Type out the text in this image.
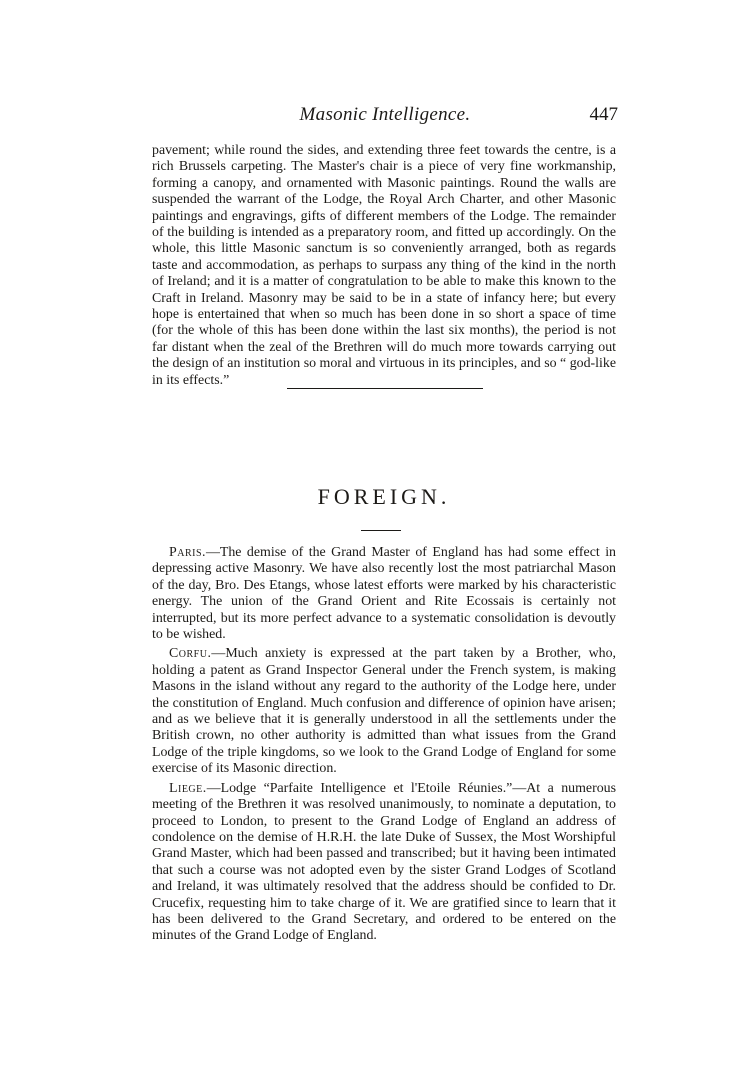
Masonic Intelligence.	447

pavement; while round the sides, and extending three feet towards the centre, is a rich Brussels carpeting. The Master's chair is a piece of very fine workmanship, forming a canopy, and ornamented with Masonic paintings. Round the walls are suspended the warrant of the Lodge, the Royal Arch Charter, and other Masonic paintings and engravings, gifts of different members of the Lodge. The remainder of the building is intended as a preparatory room, and fitted up accordingly. On the whole, this little Masonic sanctum is so conveniently arranged, both as regards taste and accommodation, as perhaps to surpass any thing of the kind in the north of Ireland; and it is a matter of congratulation to be able to make this known to the Craft in Ireland. Masonry may be said to be in a state of infancy here; but every hope is entertained that when so much has been done in so short a space of time (for the whole of this has been done within the last six months), the period is not far distant when the zeal of the Brethren will do much more towards carrying out the design of an institution so moral and virtuous in its principles, and so “ god-like in its effects.”

FOREIGN.

Paris.—The demise of the Grand Master of England has had some effect in depressing active Masonry. We have also recently lost the most patriarchal Mason of the day, Bro. Des Etangs, whose latest efforts were marked by his characteristic energy. The union of the Grand Orient and Rite Ecossais is certainly not interrupted, but its more perfect advance to a systematic consolidation is devoutly to be wished.

Corfu.—Much anxiety is expressed at the part taken by a Brother, who, holding a patent as Grand Inspector General under the French system, is making Masons in the island without any regard to the authority of the Lodge here, under the constitution of England. Much confusion and difference of opinion have arisen; and as we believe that it is generally understood in all the settlements under the British crown, no other authority is admitted than what issues from the Grand Lodge of the triple kingdoms, so we look to the Grand Lodge of England for some exercise of its Masonic direction.

Liege.—Lodge “Parfaite Intelligence et l'Etoile Réunies.”—At a numerous meeting of the Brethren it was resolved unanimously, to nominate a deputation, to proceed to London, to present to the Grand Lodge of England an address of condolence on the demise of H.R.H. the late Duke of Sussex, the Most Worshipful Grand Master, which had been passed and transcribed; but it having been intimated that such a course was not adopted even by the sister Grand Lodges of Scotland and Ireland, it was ultimately resolved that the address should be confided to Dr. Crucefix, requesting him to take charge of it. We are gratified since to learn that it has been delivered to the Grand Secretary, and ordered to be entered on the minutes of the Grand Lodge of England.
